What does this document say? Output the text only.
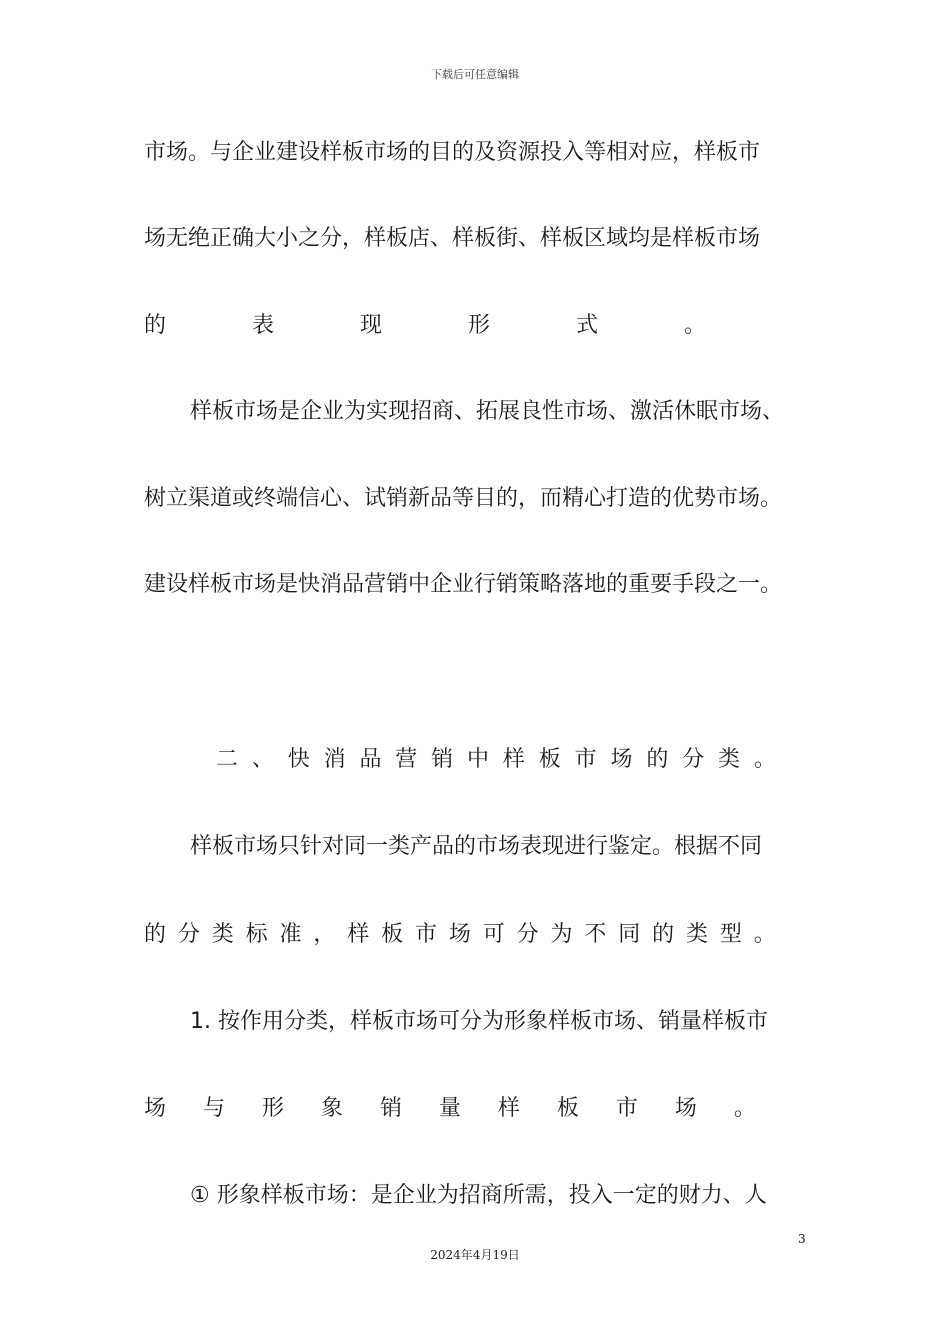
下载后可任意编辑
市场。与企业建设样板市场的目的及资源投入等相对应，样板市
场无绝正确大小之分，样板店、样板街、样板区域均是样板市场
的	表	现	形	式	。
样板市场是企业为实现招商、拓展良性市场、激活休眠市场、
树立渠道或终端信心、试销新品等目的，而精心打造的优势市场。
建设样板市场是快消品营销中企业行销策略落地的重要手段之一。
二 、 快 消 品 营 销 中 样 板 市 场 的 分 类 。
样板市场只针对同一类产品的市场表现进行鉴定。根据不同
的 分 类 标 准 ， 样 板 市 场 可 分 为 不 同 的 类 型 。
1. 按作用分类，样板市场可分为形象样板市场、销量样板市
场 与 形 象 销 量 样 板 市 场 。
① 形象样板市场：是企业为招商所需，投入一定的财力、人
3
2024年4月19日
